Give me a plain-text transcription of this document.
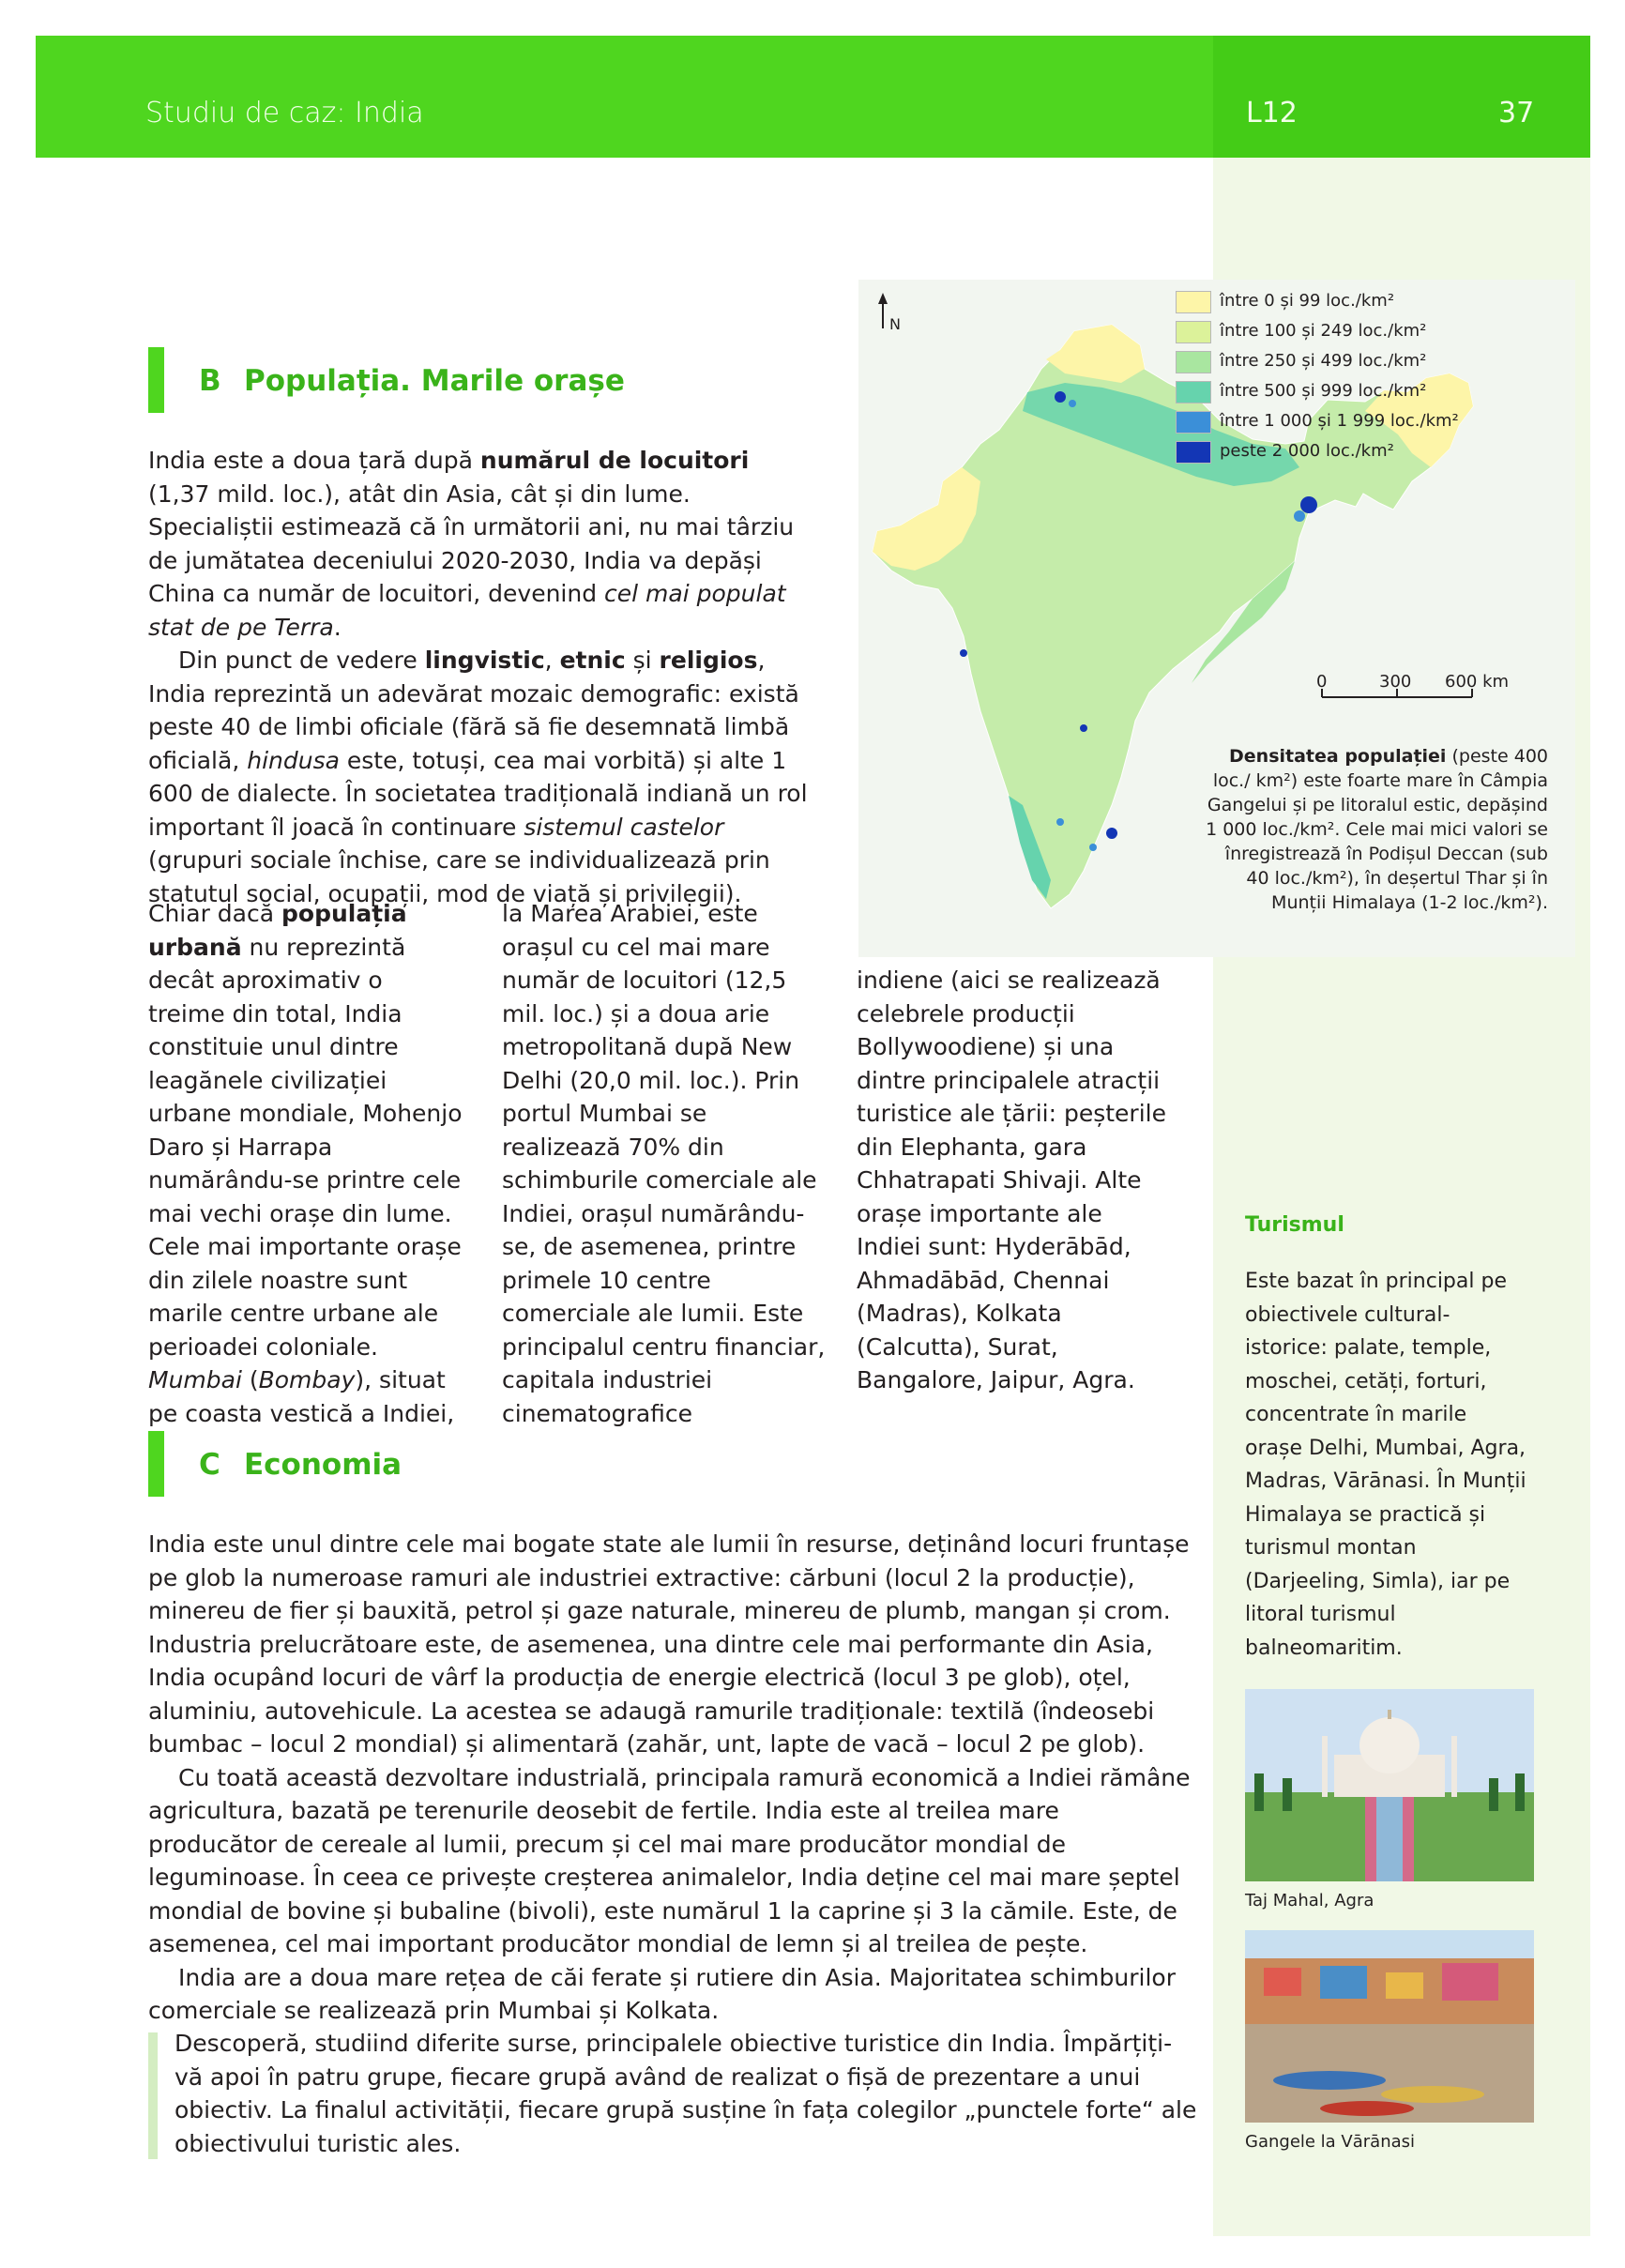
Studiu de caz: India	L12	37
B Populația. Marile orașe

India este a doua țară după numărul de locuitori (1,37 mild. loc.), atât din Asia, cât și din lume. Specialiștii estimează că în următorii ani, nu mai târziu de jumătatea deceniului 2020-2030, India va depăși China ca număr de locuitori, devenind cel mai populat stat de pe Terra.

Din punct de vedere lingvistic, etnic și religios, India reprezintă un adevărat mozaic demografic: există peste 40 de limbi oficiale (fără să fie desemnată limbă oficială, hindusa este, totuși, cea mai vorbită) și alte 1 600 de dialecte. În societatea tradițională indiană un rol important îl joacă în continuare sistemul castelor (grupuri sociale închise, care se individualizează prin statutul social, ocupații, mod de viață și privilegii).

Chiar dacă populația urbană nu reprezintă decât aproximativ o treime din total, India constituie unul dintre leagănele civilizației urbane mondiale, Mohenjo Daro și Harrapa numărându-se printre cele mai vechi orașe din lume. Cele mai importante orașe din zilele noastre sunt marile centre urbane ale perioadei coloniale. Mumbai (Bombay), situat pe coasta vestică a Indiei,

la Marea Arabiei, este orașul cu cel mai mare număr de locuitori (12,5 mil. loc.) și a doua arie metropolitană după New Delhi (20,0 mil. loc.). Prin portul Mumbai se realizează 70% din schimburile comerciale ale Indiei, orașul numărându-se, de asemenea, printre primele 10 centre comerciale ale lumii. Este principalul centru financiar, capitala industriei cinematografice

indiene (aici se realizează celebrele producții Bollywoodiene) și una dintre principalele atracții turistice ale țării: peșterile din Elephanta, gara Chhatrapati Shivaji. Alte orașe importante ale Indiei sunt: Hyderābād, Ahmadābād, Chennai (Madras), Kolkata (Calcutta), Surat, Bangalore, Jaipur, Agra.

N
între 0 și 99 loc./km²
între 100 și 249 loc./km²
între 250 și 499 loc./km²
între 500 și 999 loc./km²
între 1 000 și 1 999 loc./km²
peste 2 000 loc./km²
0	300 600 km

Densitatea populației (peste 400 loc./ km²) este foarte mare în Câmpia Gangelui și pe litoralul estic, depășind 1 000 loc./km². Cele mai mici valori se înregistrează în Podișul Deccan (sub 40 loc./km²), în deșertul Thar și în Munții Himalaya (1-2 loc./km²).

C Economia

India este unul dintre cele mai bogate state ale lumii în resurse, deținând locuri fruntașe pe glob la numeroase ramuri ale industriei extractive: cărbuni (locul 2 la producție), minereu de fier și bauxită, petrol și gaze naturale, minereu de plumb, mangan și crom. Industria prelucrătoare este, de asemenea, una dintre cele mai performante din Asia, India ocupând locuri de vârf la producția de energie electrică (locul 3 pe glob), oțel, aluminiu, autovehicule. La acestea se adaugă ramurile tradiționale: textilă (îndeosebi bumbac – locul 2 mondial) și alimentară (zahăr, unt, lapte de vacă – locul 2 pe glob).

Cu toată această dezvoltare industrială, principala ramură economică a Indiei rămâne agricultura, bazată pe terenurile deosebit de fertile. India este al treilea mare producător de cereale al lumii, precum și cel mai mare producător mondial de leguminoase. În ceea ce privește creșterea animalelor, India deține cel mai mare șeptel mondial de bovine și bubaline (bivoli), este numărul 1 la caprine și 3 la cămile. Este, de asemenea, cel mai important producător mondial de lemn și al treilea de pește.

India are a doua mare rețea de căi ferate și rutiere din Asia. Majoritatea schimburilor comerciale se realizează prin Mumbai și Kolkata.

Descoperă, studiind diferite surse, principalele obiective turistice din India. Împărțiți-vă apoi în patru grupe, fiecare grupă având de realizat o fișă de prezentare a unui obiectiv. La finalul activității, fiecare grupă susține în fața colegilor „punctele forte“ ale obiectivului turistic ales.

Turismul

Este bazat în principal pe obiectivele cultural-istorice: palate, temple, moschei, cetăți, forturi, concentrate în marile orașe Delhi, Mumbai, Agra, Madras, Vārānasi. În Munții Himalaya se practică și turismul montan (Darjeeling, Simla), iar pe litoral turismul balneomaritim.

Taj Mahal, Agra
Gangele la Vārānasi
